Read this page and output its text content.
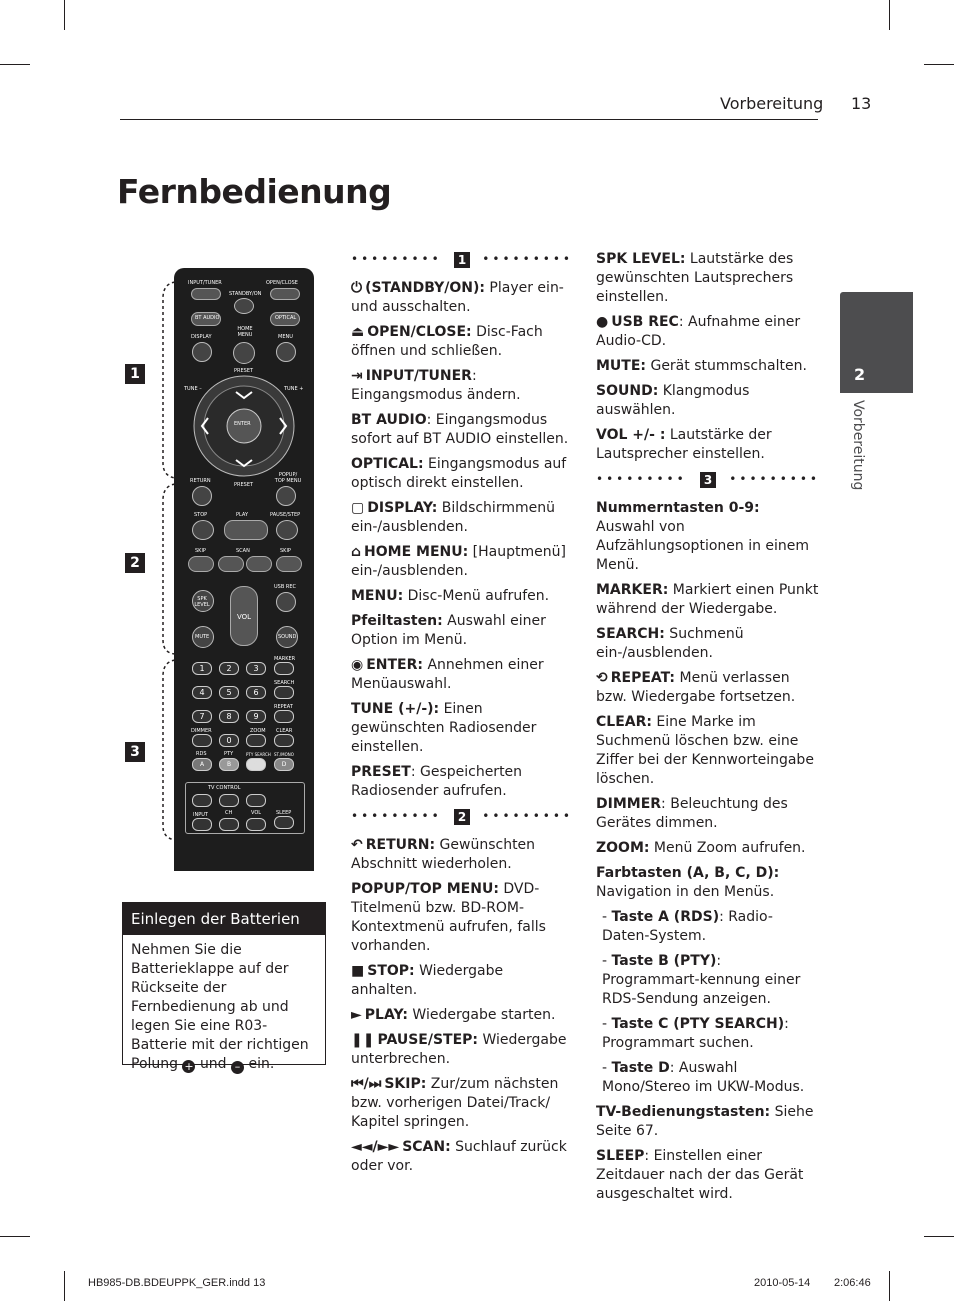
Vorbereitung 13
Fernbedienung
2
Vorbereitung
1
2
3
INPUT/TUNER
STANDBY/ON
OPEN/CLOSE
BT AUDIO	OPTICAL
DISPLAY
HOME MENU	MENU
PRESET
TUNE –	TUNE +
ENTER
RETURN
PRESET
POPUP/ TOP MENU
STOP	PLAY	PAUSE/STEP
SKIP	SCAN	SKIP
USB REC
SPK LEVEL
VOL
MUTE	SOUND
MARKER
1	2	3
SEARCH
4	5	6
REPEAT
7	8	9
DIMMER	ZOOM CLEAR
0
RDS	PTY	PTY SEARCH ST./MONO
A	B	C	D
TV CONTROL
INPUT	CH	VOL	SLEEP
Einlegen der Batterien
Nehmen Sie die Batterieklappe auf der Rückseite der Fernbedienung ab und legen Sie eine R03-Batterie mit der richtigen Polung + und – ein.
•••••••••	1	•••••••••

⏻ (STANDBY/ON): Player ein-und ausschalten.

⏏ OPEN/CLOSE: Disc-Fach öffnen und schließen.

⇥ INPUT/TUNER: Eingangsmodus ändern.

BT AUDIO: Eingangsmodus sofort auf BT AUDIO einstellen.

OPTICAL: Eingangsmodus auf optisch direkt einstellen.

▢ DISPLAY: Bildschirmmenü ein-/ausblenden.

⌂ HOME MENU: [Hauptmenü] ein-/ausblenden.

MENU: Disc-Menü aufrufen.

Pfeiltasten: Auswahl einer Option im Menü.

◉ ENTER: Annehmen einer Menüauswahl.

TUNE (+/-): Einen gewünschten Radiosender einstellen.

PRESET: Gespeicherten Radiosender aufrufen.

•••••••••	2	•••••••••

↶ RETURN: Gewünschten Abschnitt wiederholen.

POPUP/TOP MENU: DVD-Titelmenü bzw. BD-ROM-Kontextmenü aufrufen, falls vorhanden.

■ STOP: Wiedergabe anhalten.

► PLAY: Wiedergabe starten.

❚❚ PAUSE/STEP: Wiedergabe unterbrechen.

⏮/⏭ SKIP: Zur/zum nächsten bzw. vorherigen Datei/Track/ Kapitel springen.

◄◄/►► SCAN: Suchlauf zurück oder vor.

SPK LEVEL: Lautstärke des gewünschten Lautsprechers einstellen.

● USB REC: Aufnahme einer Audio-CD.

MUTE: Gerät stummschalten.

SOUND: Klangmodus auswählen.

VOL +/- : Lautstärke der Lautsprecher einstellen.

•••••••••	3	•••••••••

Nummerntasten 0-9: Auswahl von Aufzählungsoptionen in einem Menü.

MARKER: Markiert einen Punkt während der Wiedergabe.

SEARCH: Suchmenü ein-/ausblenden.

⟲ REPEAT: Menü verlassen bzw. Wiedergabe fortsetzen.

CLEAR: Eine Marke im Suchmenü löschen bzw. eine Ziffer bei der Kennworteingabe löschen.

DIMMER: Beleuchtung des Gerätes dimmen.

ZOOM: Menü Zoom aufrufen.

Farbtasten (A, B, C, D): Navigation in den Menüs.

- Taste A (RDS): Radio-Daten-System.

- Taste B (PTY): Programmart-kennung einer RDS-Sendung anzeigen.

- Taste C (PTY SEARCH): Programmart suchen.

- Taste D: Auswahl Mono/Stereo im UKW-Modus.

TV-Bedienungstasten: Siehe Seite 67.

SLEEP: Einstellen einer Zeitdauer nach der das Gerät ausgeschaltet wird.

HB985-DB.BDEUPPK_GER.indd 13	2010-05-14 2:06:46
